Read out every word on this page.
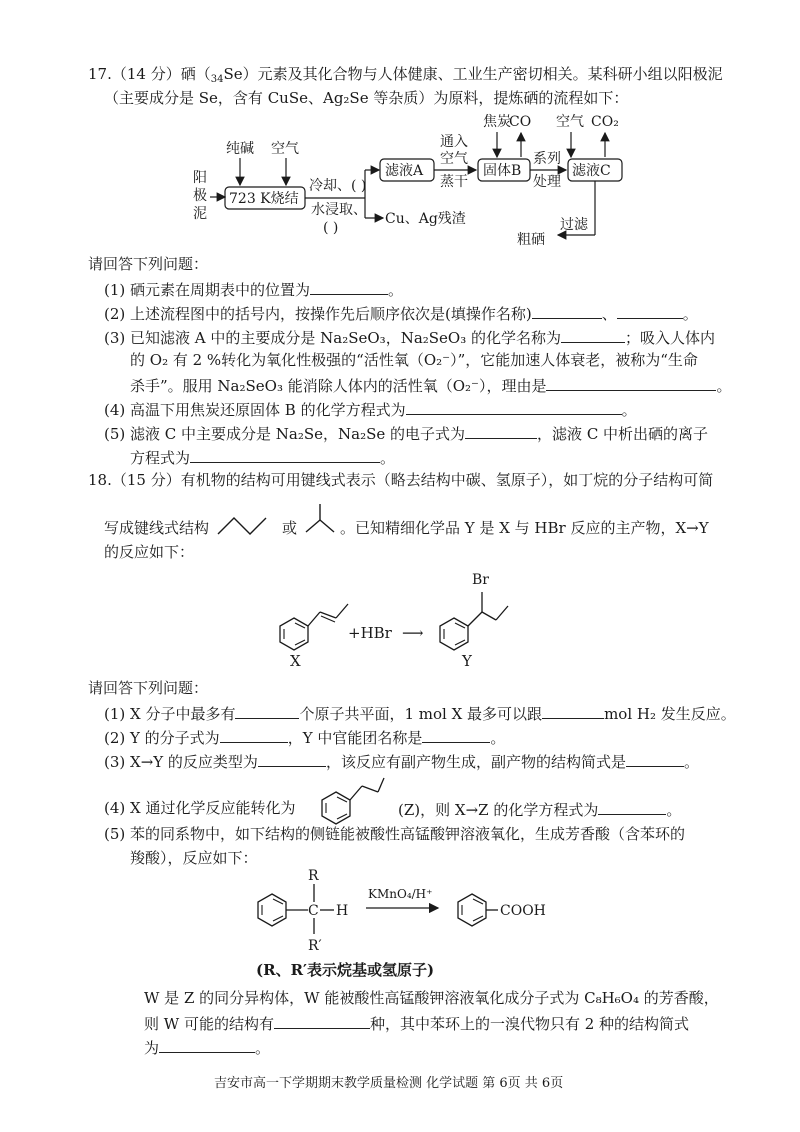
17.（14 分）硒$(_{34}Se)$元素及其化合物与人体健康、工业生产密切相关。某科研小组以阳极泥
（主要成分是 Se，含有 CuSe、Ag₂Se 等杂质）为原料，提炼硒的流程如下：
阳
极
泥
纯碱 空气
723 K烧结
冷却、( )
水浸取、
( )
Cu、Ag残渣
滤液A
通入
空气
蒸干
焦炭
CO
固体B
系列
处理
空气 CO₂
滤液C
过滤
粗硒
请回答下列问题：
(1) 硒元素在周期表中的位置为	。
(2) 上述流程图中的括号内，按操作先后顺序依次是(填操作名称)	、	。
(3) 已知滤液 A 中的主要成分是 Na₂SeO₃，Na₂SeO₃ 的化学名称为	；吸入人体内
的 O₂ 有 2 %转化为氧化性极强的“活性氧（O₂⁻）”，它能加速人体衰老，被称为“生命
杀手”。服用 Na₂SeO₃ 能消除人体内的活性氧（O₂⁻），理由是	。
(4) 高温下用焦炭还原固体 B 的化学方程式为	。
(5) 滤液 C 中主要成分是 Na₂Se，Na₂Se 的电子式为	，滤液 C 中析出硒的离子
方程式为	。
18.（15 分）有机物的结构可用键线式表示（略去结构中碳、氢原子），如丁烷的分子结构可简
写成键线式结构	或	。已知精细化学品 Y 是 X 与 HBr 反应的主产物，X→Y
的反应如下：
X
+HBr ⟶
Br
Y
请回答下列问题：
(1) X 分子中最多有	个原子共平面，1 mol X 最多可以跟	mol H₂ 发生反应。
(2) Y 的分子式为	，Y 中官能团名称是	。
(3) X→Y 的反应类型为	，该反应有副产物生成，副产物的结构简式是	。
(4) X 通过化学反应能转化为	(Z)，则 X→Z 的化学方程式为	。
(5) 苯的同系物中，如下结构的侧链能被酸性高锰酸钾溶液氧化，生成芳香酸（含苯环的
羧酸），反应如下：
R
C H
R′
KMnO₄/H⁺
COOH
(R、R′表示烷基或氢原子)
W 是 Z 的同分异构体，W 能被酸性高锰酸钾溶液氧化成分子式为 C₈H₆O₄ 的芳香酸，
则 W 可能的结构有	种，其中苯环上的一溴代物只有 2 种的结构简式
为	。
吉安市高一下学期期末教学质量检测 化学试题 第 6页 共 6页
